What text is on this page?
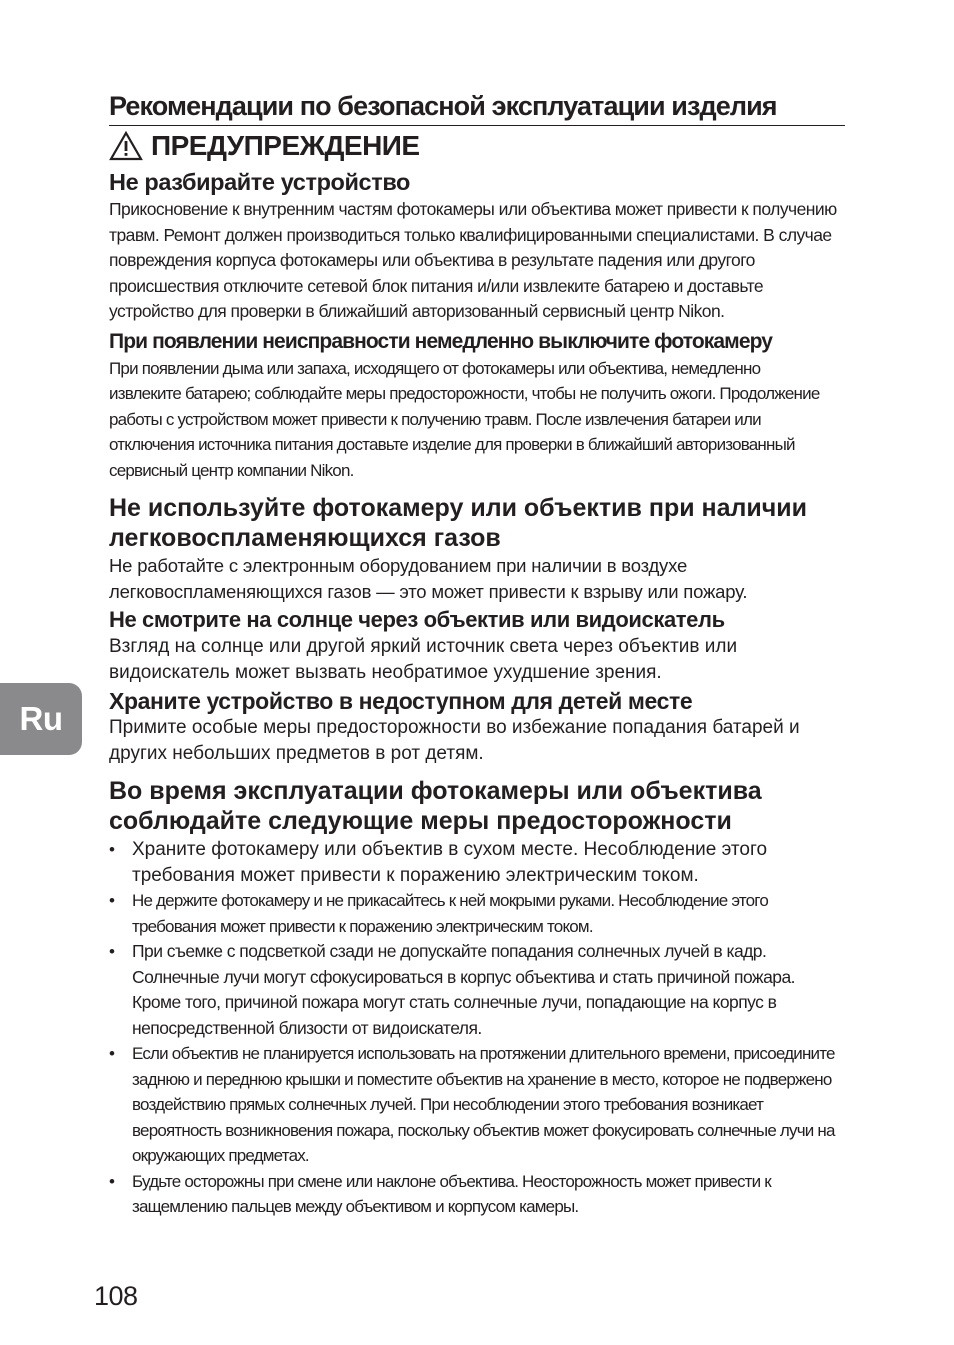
Рекомендации по безопасной эксплуатации изделия
ПРЕДУПРЕЖДЕНИЕ
Не разбирайте устройство
Прикосновение к внутренним частям фотокамеры или объектива может привести к получению травм. Ремонт должен производиться только квалифицированными специалистами. В случае повреждения корпуса фотокамеры или объектива в результате падения или другого происшествия отключите сетевой блок питания и/или извлеките батарею и доставьте устройство для проверки в ближайший авторизованный сервисный центр Nikon.
При появлении неисправности немедленно выключите фотокамеру
При появлении дыма или запаха, исходящего от фотокамеры или объектива, немедленно извлеките батарею; соблюдайте меры предосторожности, чтобы не получить ожоги. Продолжение работы с устройством может привести к получению травм. После извлечения батареи или отключения источника питания доставьте изделие для проверки в ближайший авторизованный сервисный центр компании Nikon.
Не используйте фотокамеру или объектив при наличии легковоспламеняющихся газов
Не работайте с электронным оборудованием при наличии в воздухе легковоспламеняющихся газов — это может привести к взрыву или пожару.
Не смотрите на солнце через объектив или видоискатель
Взгляд на солнце или другой яркий источник света через объектив или видоискатель может вызвать необратимое ухудшение зрения.
Храните устройство в недоступном для детей месте
Примите особые меры предосторожности во избежание попадания батарей и других небольших предметов в рот детям.
Во время эксплуатации фотокамеры или объектива соблюдайте следующие меры предосторожности
• Храните фотокамеру или объектив в сухом месте. Несоблюдение этого требования может привести к поражению электрическим током.
• Не держите фотокамеру и не прикасайтесь к ней мокрыми руками. Несоблюдение этого требования может привести к поражению электрическим током.
• При съемке с подсветкой сзади не допускайте попадания солнечных лучей в кадр. Солнечные лучи могут сфокусироваться в корпус объектива и стать причиной пожара. Кроме того, причиной пожара могут стать солнечные лучи, попадающие на корпус в непосредственной близости от видоискателя.
• Если объектив не планируется использовать на протяжении длительного времени, присоедините заднюю и переднюю крышки и поместите объектив на хранение в место, которое не подвержено воздействию прямых солнечных лучей. При несоблюдении этого требования возникает вероятность возникновения пожара, поскольку объектив может фокусировать солнечные лучи на окружающих предметах.
• Будьте осторожны при смене или наклоне объектива. Неосторожность может привести к защемлению пальцев между объективом и корпусом камеры.
Ru
108
